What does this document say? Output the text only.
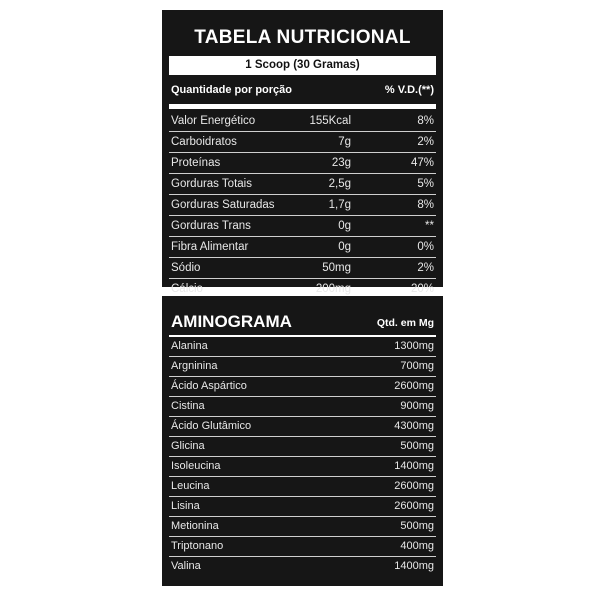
TABELA NUTRICIONAL
1 Scoop (30 Gramas)
Quantidade por porção	% V.D.(**)
Valor Energético	155Kcal	8%
Carboidratos	7g	2%
Proteínas	23g	47%
Gorduras Totais	2,5g	5%
Gorduras Saturadas	1,7g	8%
Gorduras Trans	0g	**
Fibra Alimentar	0g	0%
Sódio	50mg	2%
Cálcio	200mg	20%
AMINOGRAMA	Qtd. em Mg
Alanina	1300mg
Argninina	700mg
Ácido Aspártico	2600mg
Cistina	900mg
Ácido Glutâmico	4300mg
Glicina	500mg
Isoleucina	1400mg
Leucina	2600mg
Lisina	2600mg
Metionina	500mg
Triptonano	400mg
Valina	1400mg
